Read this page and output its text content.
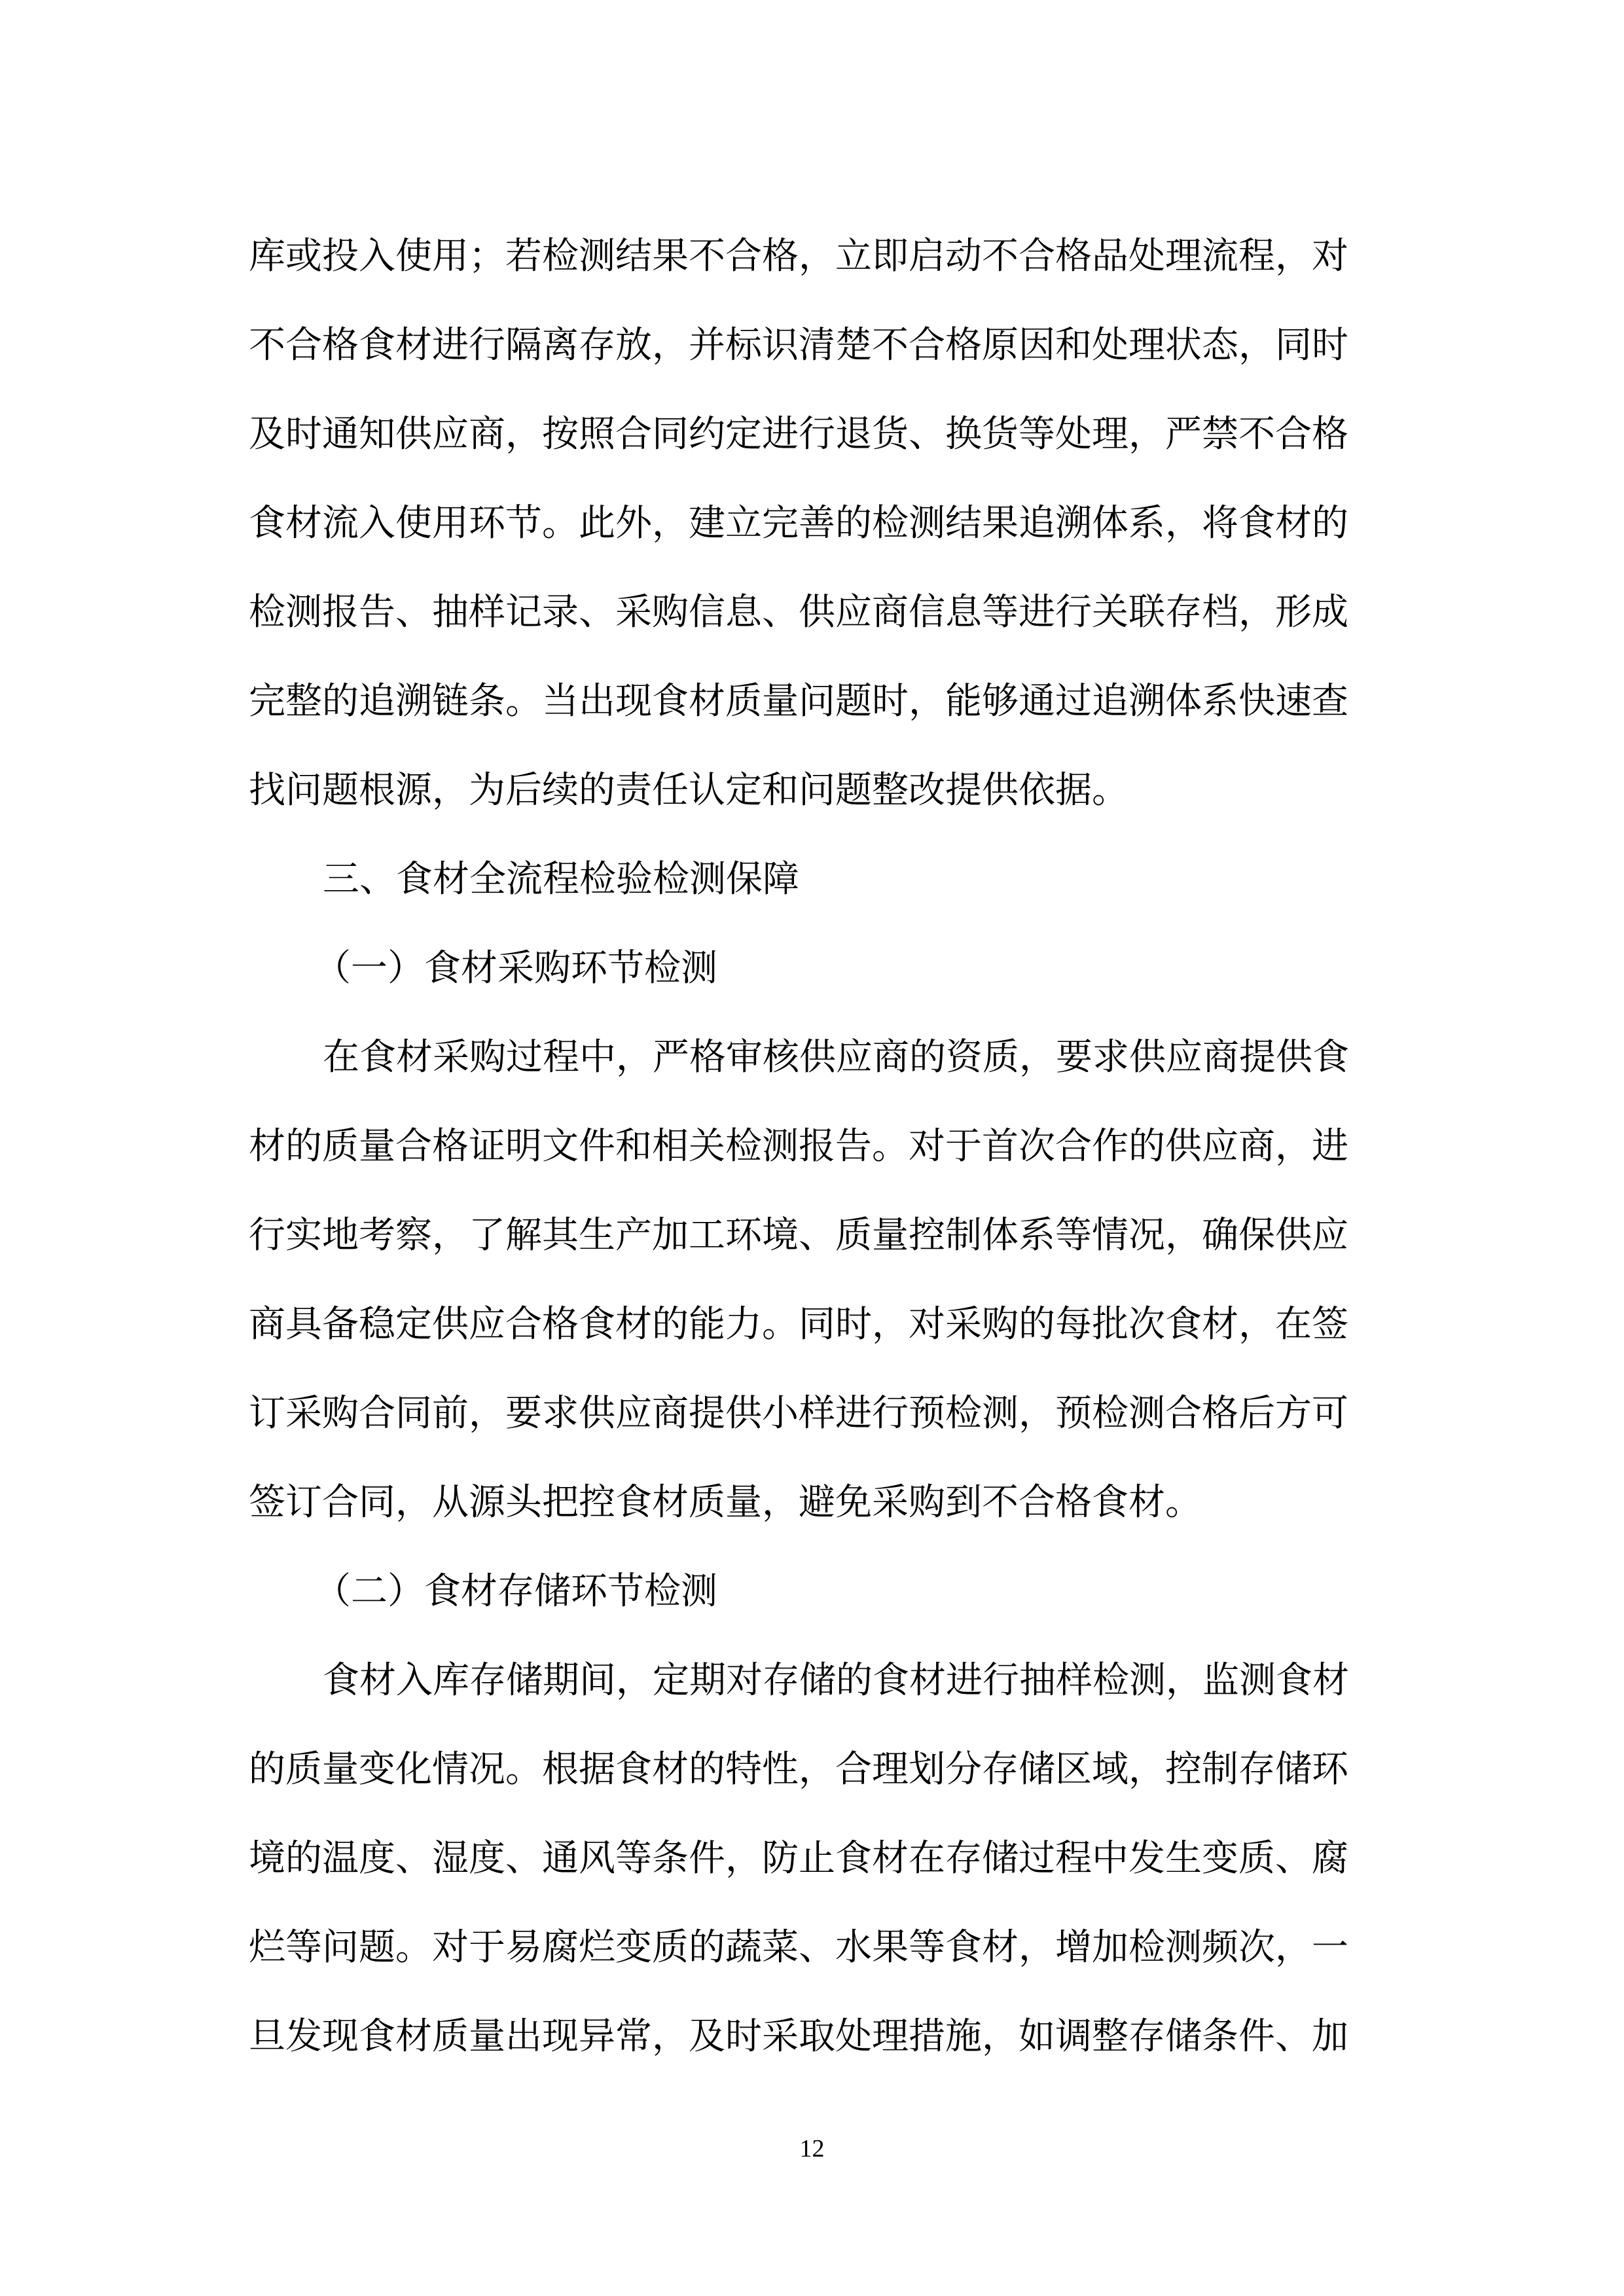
库或投入使用；若检测结果不合格，立即启动不合格品处理流程，对
不合格食材进行隔离存放，并标识清楚不合格原因和处理状态，同时
及时通知供应商，按照合同约定进行退货、换货等处理，严禁不合格
食材流入使用环节。此外，建立完善的检测结果追溯体系，将食材的
检测报告、抽样记录、采购信息、供应商信息等进行关联存档，形成
完整的追溯链条。当出现食材质量问题时，能够通过追溯体系快速查
找问题根源，为后续的责任认定和问题整改提供依据。
三、食材全流程检验检测保障
（一）食材采购环节检测
在食材采购过程中，严格审核供应商的资质，要求供应商提供食
材的质量合格证明文件和相关检测报告。对于首次合作的供应商，进
行实地考察，了解其生产加工环境、质量控制体系等情况，确保供应
商具备稳定供应合格食材的能力。同时，对采购的每批次食材，在签
订采购合同前，要求供应商提供小样进行预检测，预检测合格后方可
签订合同，从源头把控食材质量，避免采购到不合格食材。
（二）食材存储环节检测
食材入库存储期间，定期对存储的食材进行抽样检测，监测食材
的质量变化情况。根据食材的特性，合理划分存储区域，控制存储环
境的温度、湿度、通风等条件，防止食材在存储过程中发生变质、腐
烂等问题。对于易腐烂变质的蔬菜、水果等食材，增加检测频次，一
旦发现食材质量出现异常，及时采取处理措施，如调整存储条件、加
12
